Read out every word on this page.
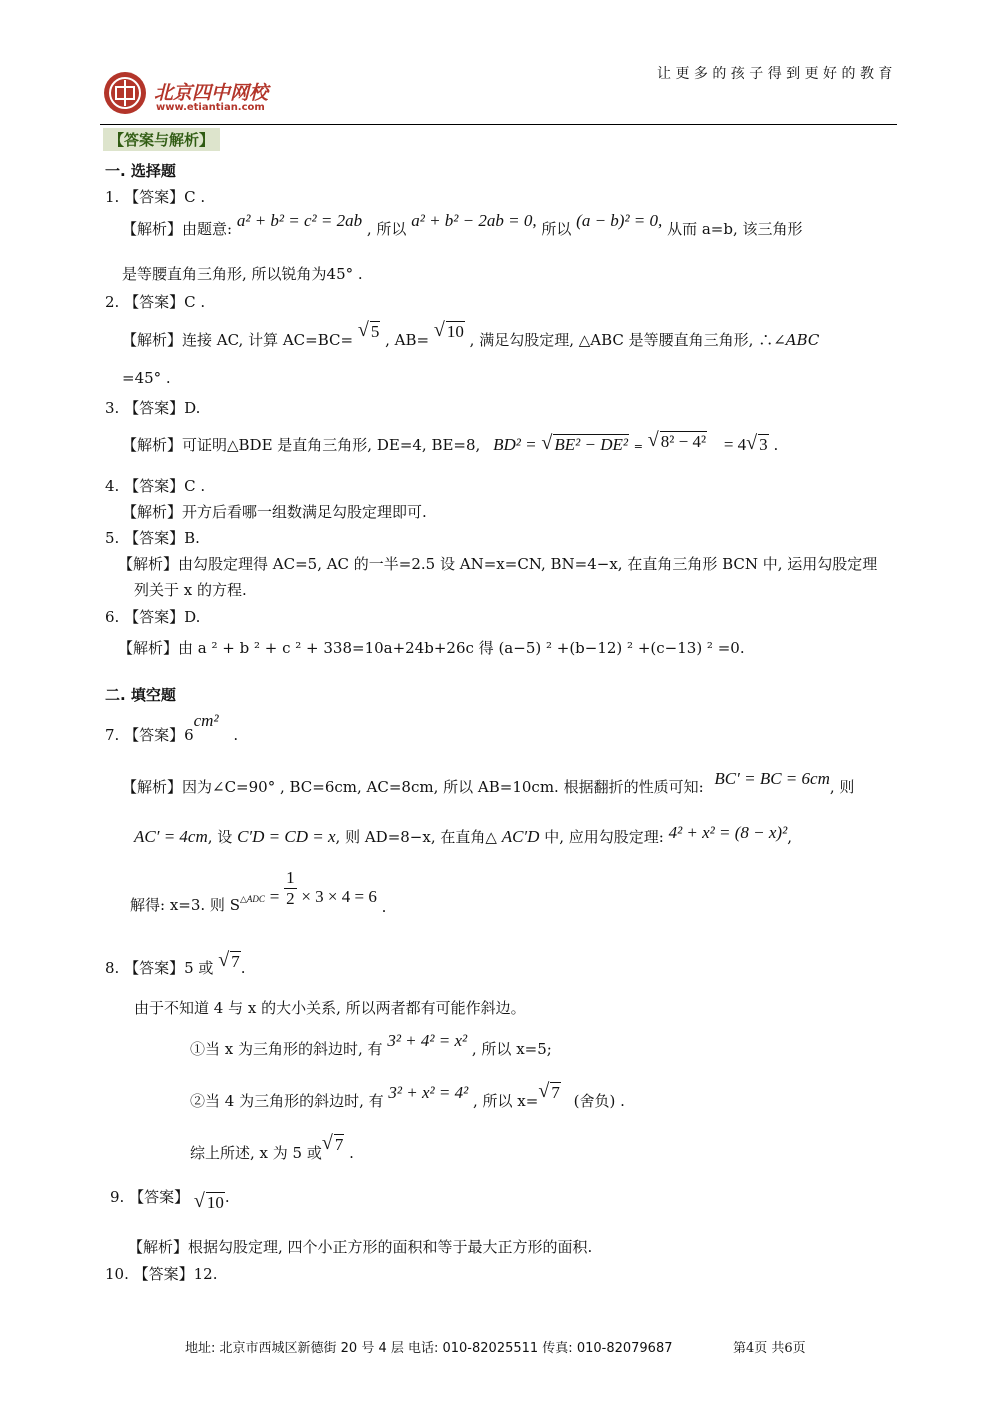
北京四中网校
www.etiantian.com
让 更 多 的 孩 子 得 到 更 好 的 教 育
【答案与解析】
一. 选择题
1. 【答案】C .
【解析】由题意: a² + b² = c² = 2ab , 所以 a² + b² − 2ab = 0, 所以 (a − b)² = 0, 从而 a=b, 该三角形
是等腰直角三角形, 所以锐角为45° .
2. 【答案】C .
【解析】连接 AC, 计算 AC=BC= √ 5 , AB= √ 10 , 满足勾股定理, △ABC 是等腰直角三角形, ∴∠ABC
=45° .
3. 【答案】D.
【解析】可证明△BDE 是直角三角形, DE=4, BE=8, BD² = √ BE² − DE² = √ 8² − 4² = 4 √ 3 .
4. 【答案】C .
【解析】开方后看哪一组数满足勾股定理即可.
5. 【答案】B.
【解析】由勾股定理得 AC=5, AC 的一半=2.5 设 AN=x=CN, BN=4−x, 在直角三角形 BCN 中, 运用勾股定理
列关于 x 的方程.
6. 【答案】D.
【解析】由 a ² + b ² + c ² + 338=10a+24b+26c 得 (a−5) ² +(b−12) ² +(c−13) ² =0.
二. 填空题
7. 【答案】6cm² .
【解析】因为∠C=90° , BC=6cm, AC=8cm, 所以 AB=10cm. 根据翻折的性质可知: BC′ = BC = 6cm, 则
AC′ = 4cm, 设 C′D = CD = x, 则 AD=8−x, 在直角△ AC′D 中, 应用勾股定理: 4² + x² = (8 − x)²,
解得: x=3. 则 $S_{\triangle ADC} = \frac{1}{2} \times 3 \times 4 = 6$ .
8. 【答案】5 或 √ 7.
由于不知道 4 与 x 的大小关系, 所以两者都有可能作斜边。
①当 x 为三角形的斜边时, 有 3² + 4² = x² , 所以 x=5;
②当 4 为三角形的斜边时, 有 3² + x² = 4² , 所以 x= √ 7 (舍负) .
综上所述, x 为 5 或 √ 7 .
9. 【答案】 √ 10.
【解析】根据勾股定理, 四个小正方形的面积和等于最大正方形的面积.
10. 【答案】12.
地址: 北京市西城区新德街 20 号 4 层 电话: 010-82025511 传真: 010-82079687	第4页 共6页
